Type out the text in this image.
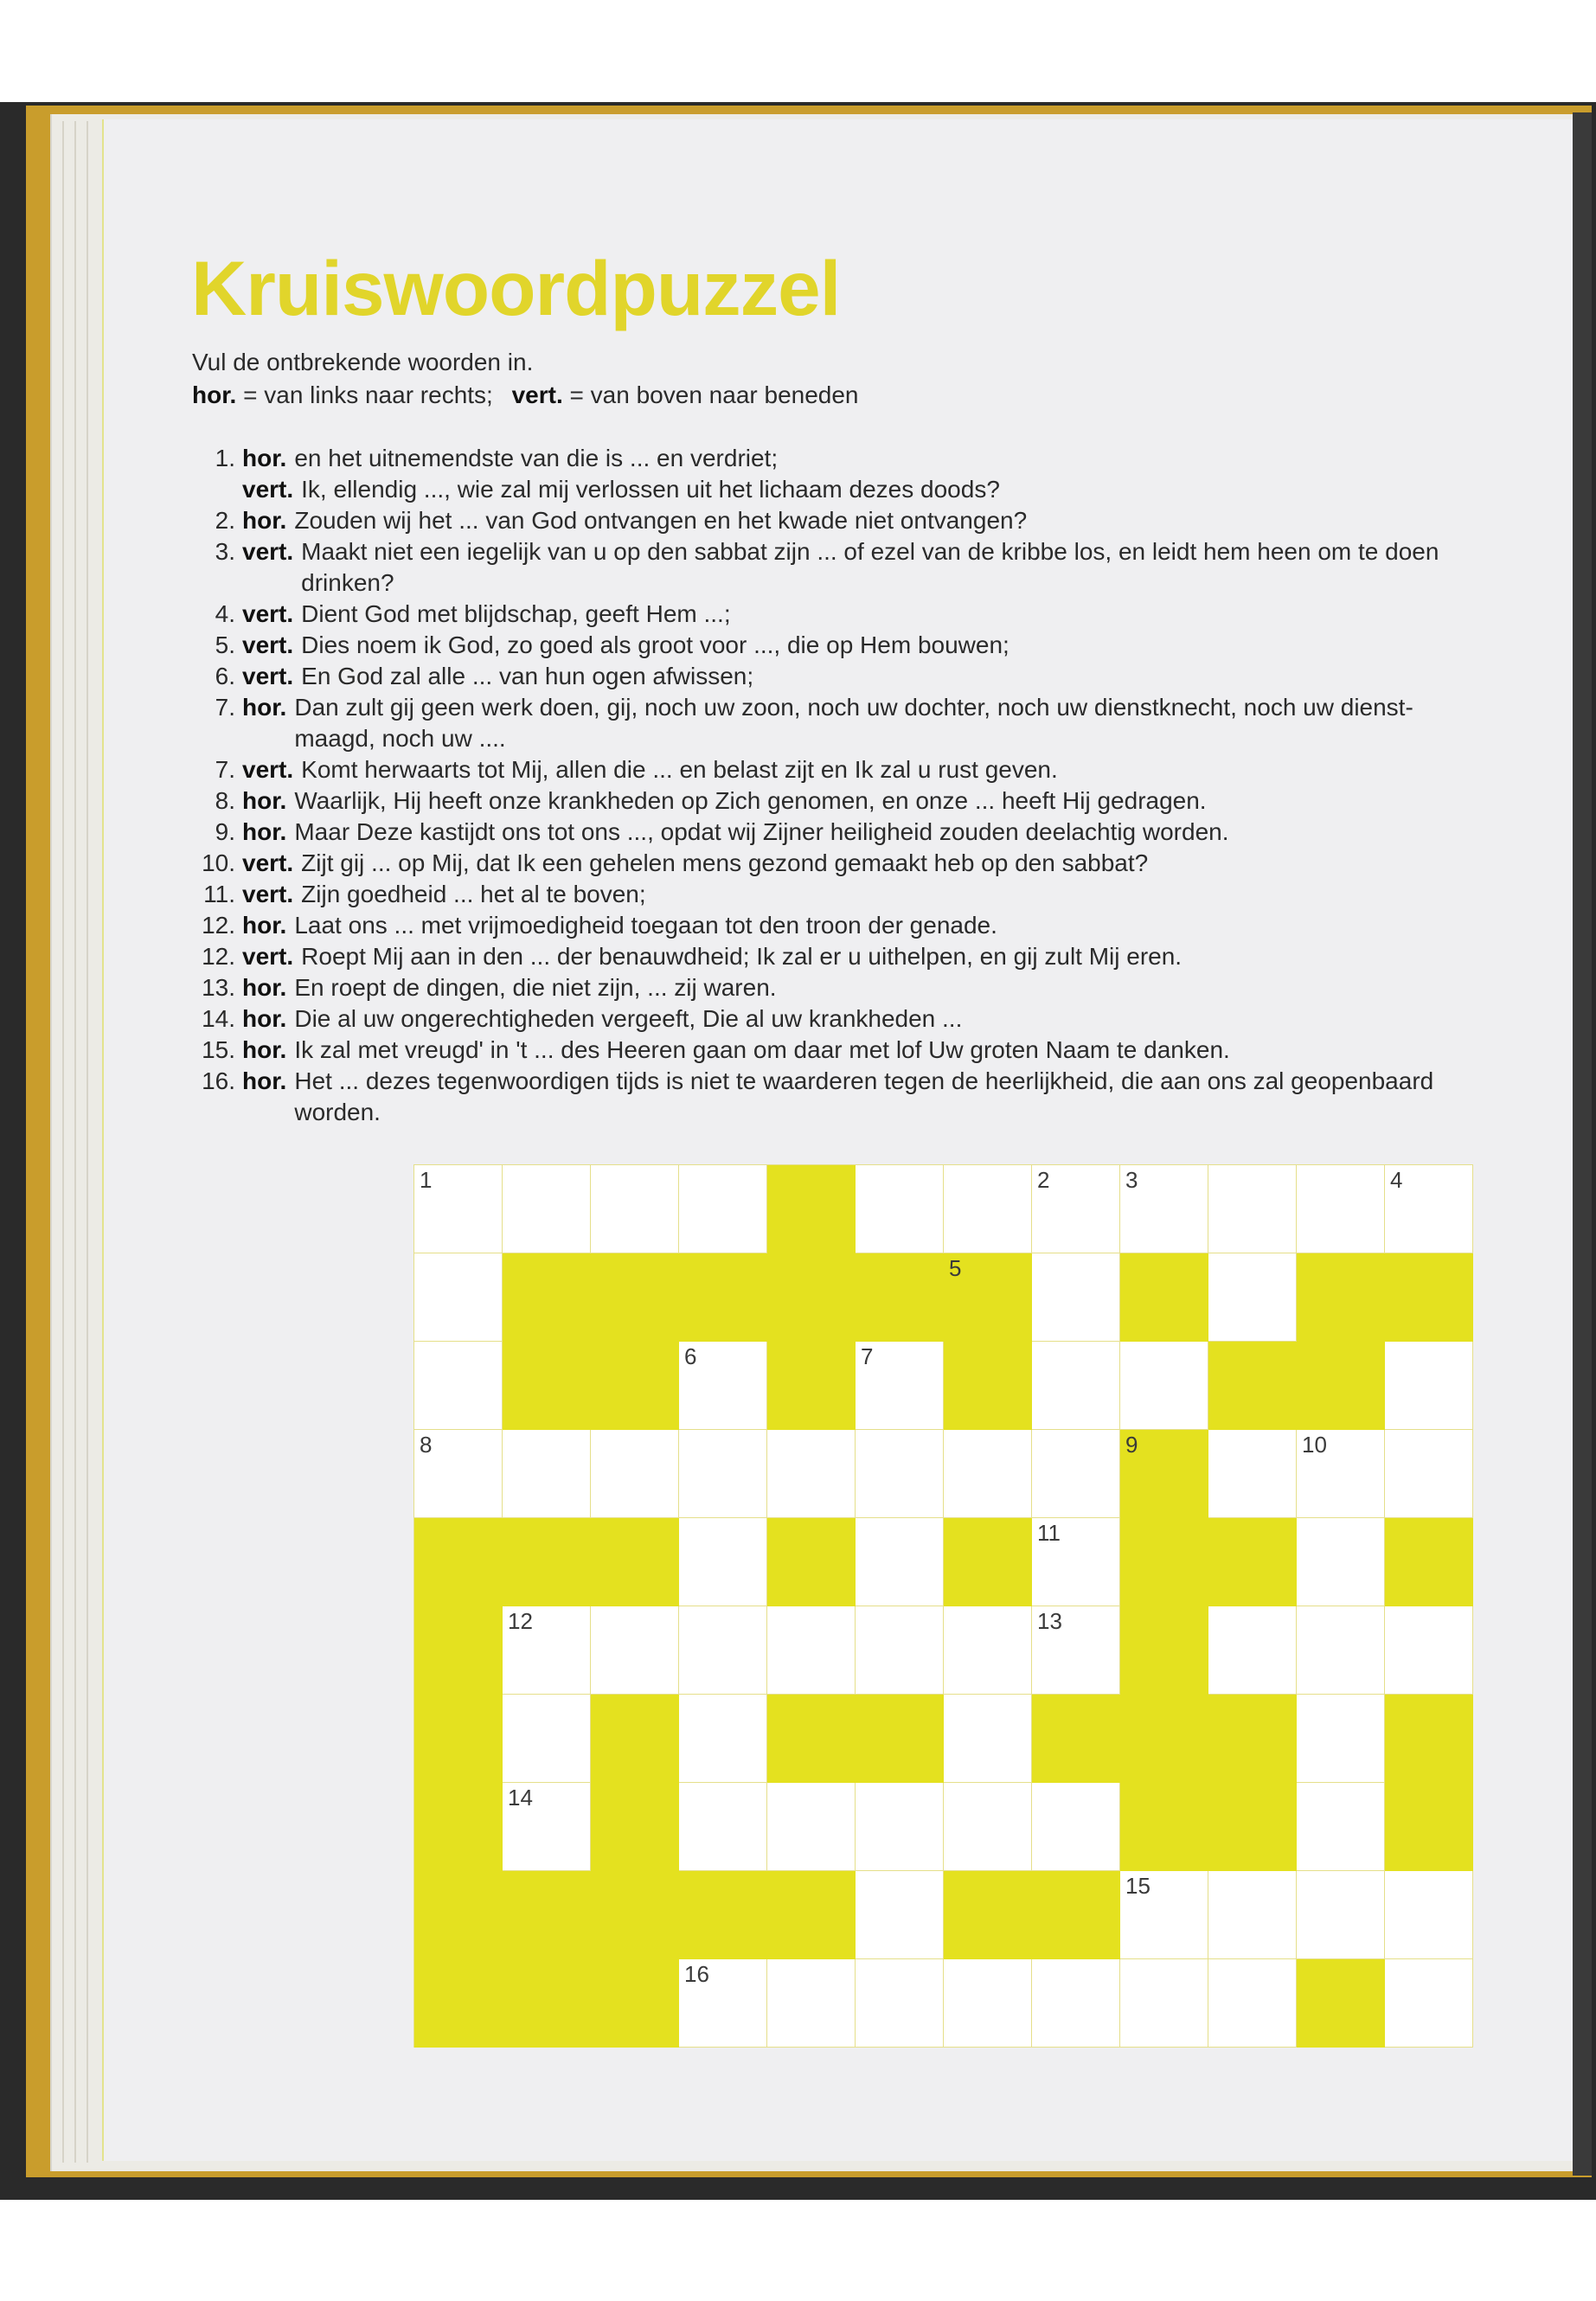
Kruiswoordpuzzel
Vul de ontbrekende woorden in.
hor. = van links naar rechts; vert. = van boven naar beneden
1. hor. en het uitnemendste van die is ... en verdriet;
vert. Ik, ellendig ..., wie zal mij verlossen uit het lichaam dezes doods?
2. hor. Zouden wij het ... van God ontvangen en het kwade niet ontvangen?
3. vert. Maakt niet een iegelijk van u op den sabbat zijn ... of ezel van de kribbe los, en leidt hem heen om te doen
drinken?
4. vert. Dient God met blijdschap, geeft Hem ...;
5. vert. Dies noem ik God, zo goed als groot voor ..., die op Hem bouwen;
6. vert. En God zal alle ... van hun ogen afwissen;
7. hor. Dan zult gij geen werk doen, gij, noch uw zoon, noch uw dochter, noch uw dienstknecht, noch uw dienst-
maagd, noch uw ....
7. vert. Komt herwaarts tot Mij, allen die ... en belast zijt en Ik zal u rust geven.
8. hor. Waarlijk, Hij heeft onze krankheden op Zich genomen, en onze ... heeft Hij gedragen.
9. hor. Maar Deze kastijdt ons tot ons ..., opdat wij Zijner heiligheid zouden deelachtig worden.
10. vert. Zijt gij ... op Mij, dat Ik een gehelen mens gezond gemaakt heb op den sabbat?
11. vert. Zijn goedheid ... het al te boven;
12. hor. Laat ons ... met vrijmoedigheid toegaan tot den troon der genade.
12. vert. Roept Mij aan in den ... der benauwdheid; Ik zal er u uithelpen, en gij zult Mij eren.
13. hor. En roept de dingen, die niet zijn, ... zij waren.
14. hor. Die al uw ongerechtigheden vergeeft, Die al uw krankheden ...
15. hor. Ik zal met vreugd' in 't ... des Heeren gaan om daar met lof Uw groten Naam te danken.
16. hor. Het ... dezes tegenwoordigen tijds is niet te waarderen tegen de heerlijkheid, die aan ons zal geopenbaard
worden.
1	2	3	4
5
6	7
8	9	10
11
12	13
14
15
16
